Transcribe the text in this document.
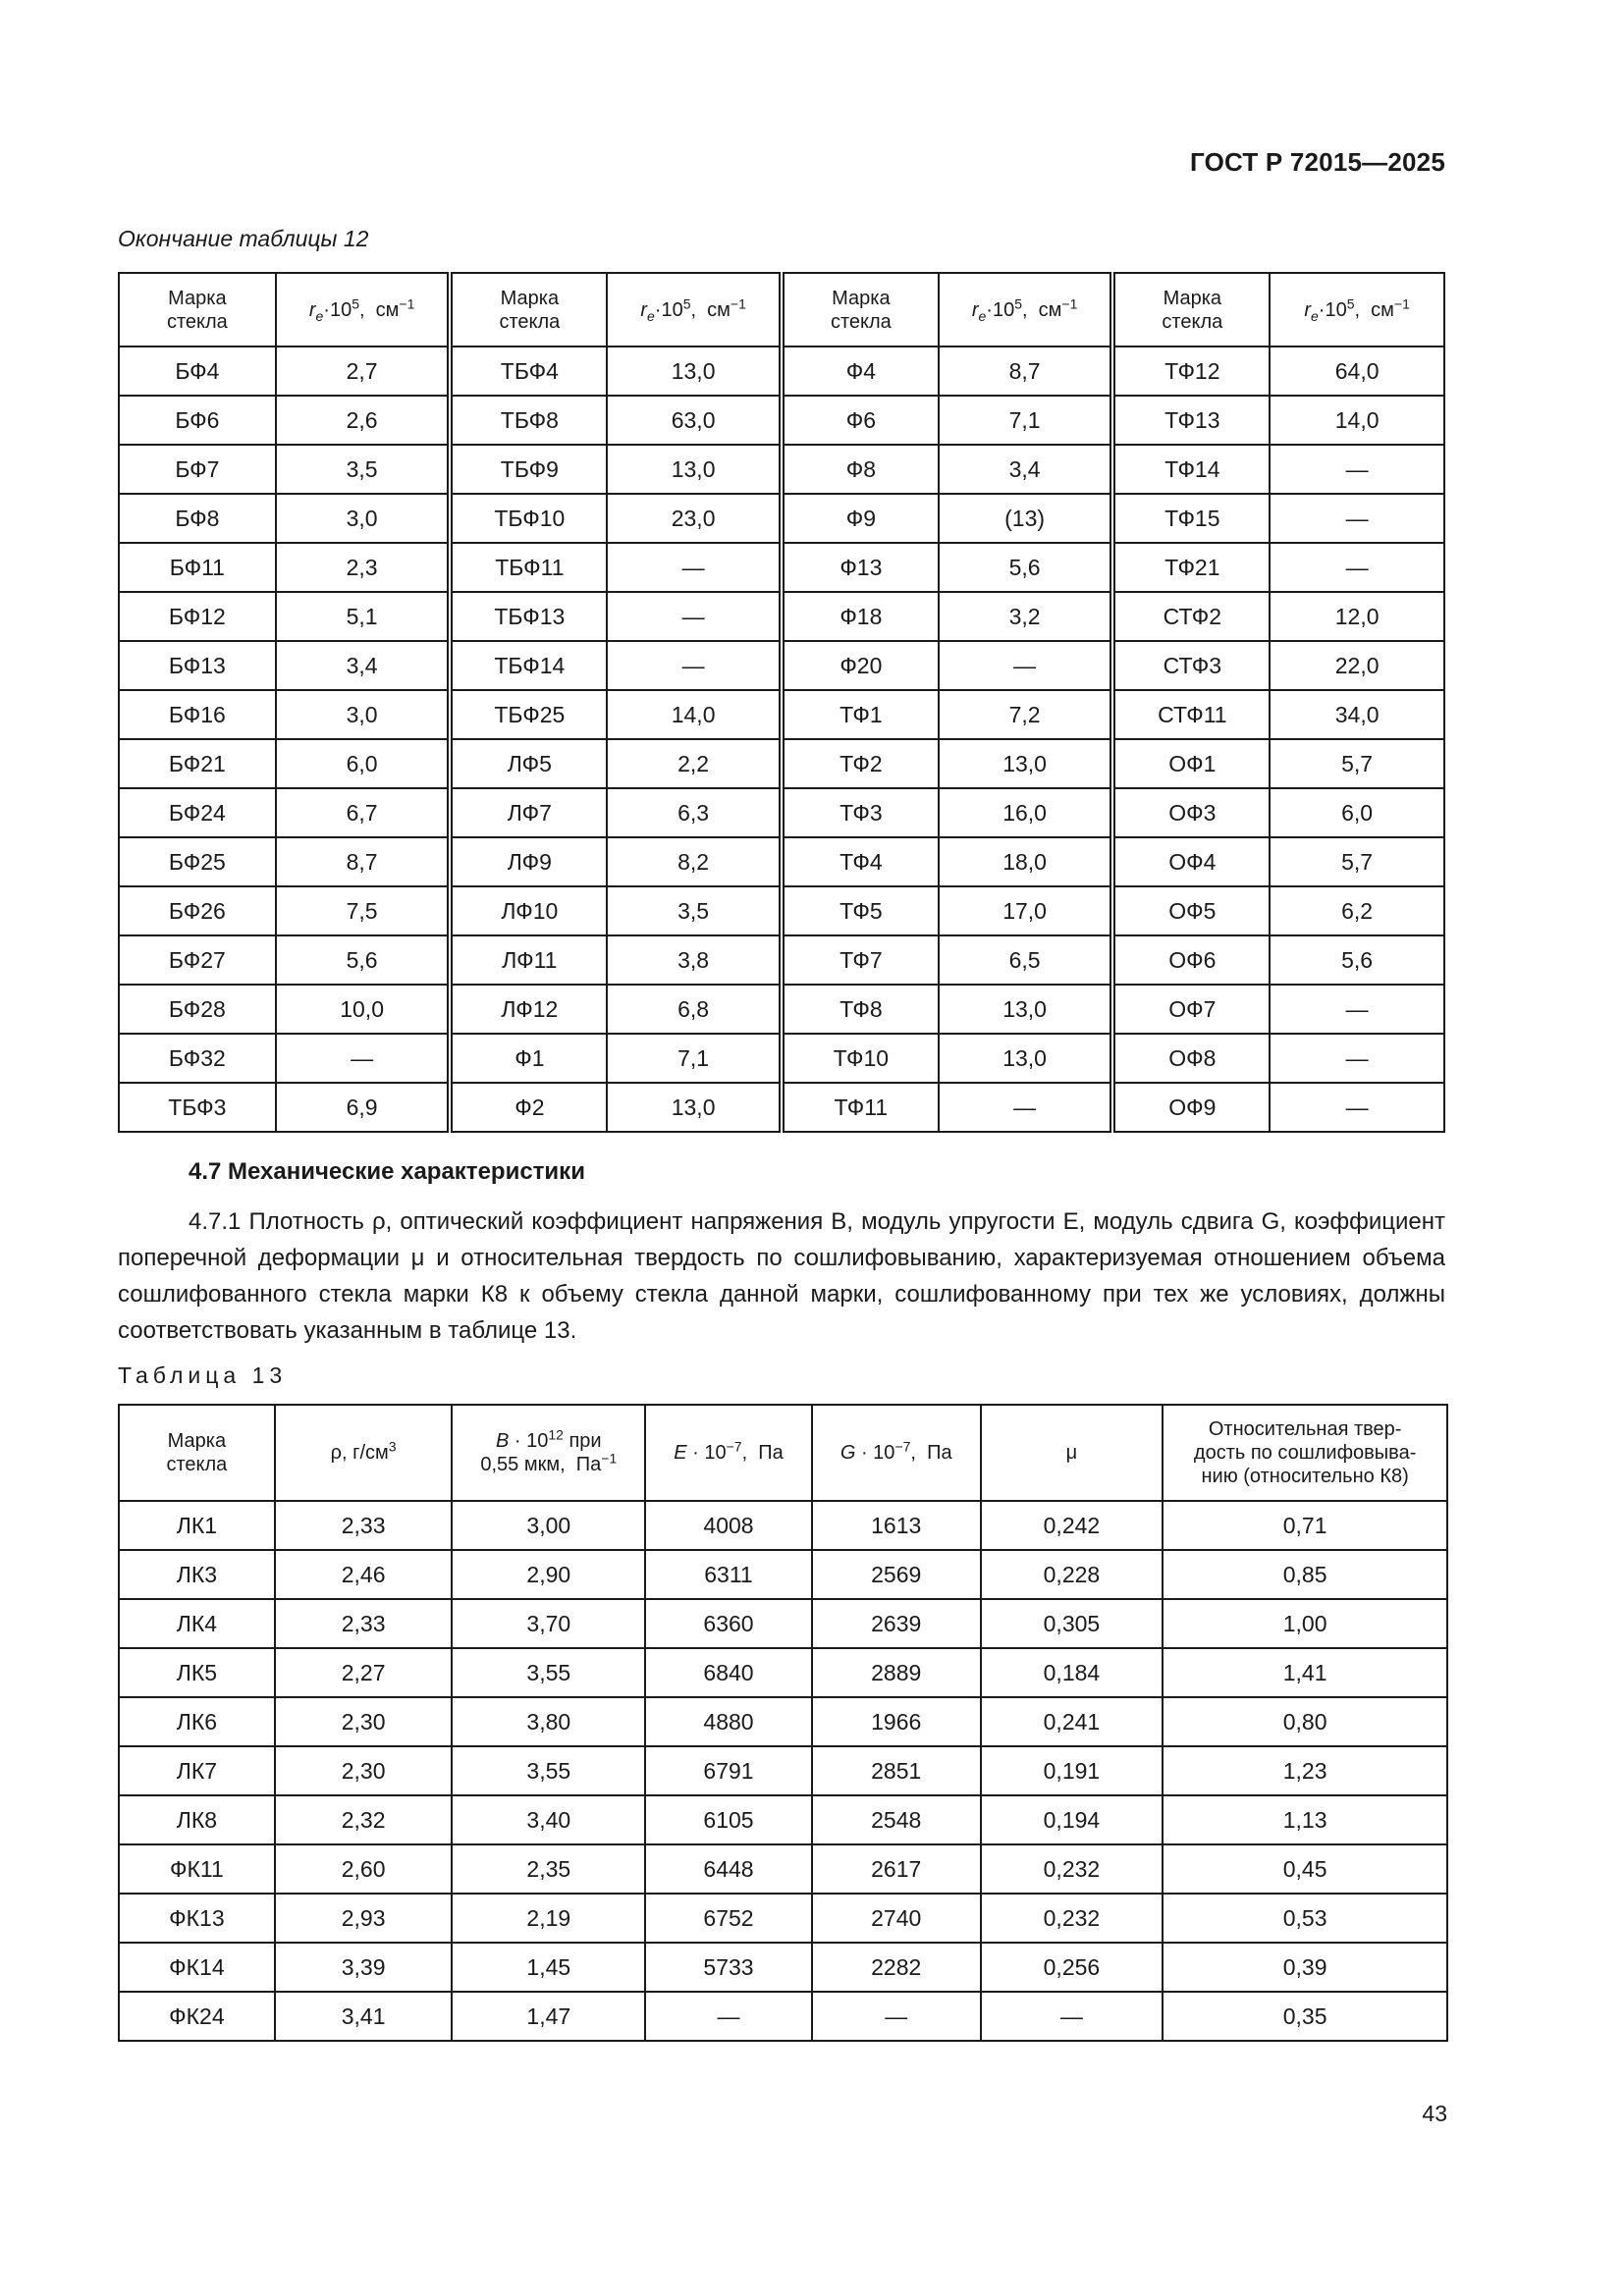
ГОСТ Р 72015—2025
Окончание таблицы 12
Марка
стекла	$r_e\cdot 10^5$,  $см^{-1}$	Марка
стекла	$r_e\cdot 10^5$,  $см^{-1}$	Марка
стекла	$r_e\cdot 10^5$,  $см^{-1}$	Марка
стекла	$r_e\cdot 10^5$,  $см^{-1}$
БФ4	2,7	ТБФ4	13,0	Ф4	8,7	ТФ12	64,0
БФ6	2,6	ТБФ8	63,0	Ф6	7,1	ТФ13	14,0
БФ7	3,5	ТБФ9	13,0	Ф8	3,4	ТФ14	—
БФ8	3,0	ТБФ10	23,0	Ф9	(13)	ТФ15	—
БФ11	2,3	ТБФ11	—	Ф13	5,6	ТФ21	—
БФ12	5,1	ТБФ13	—	Ф18	3,2	СТФ2	12,0
БФ13	3,4	ТБФ14	—	Ф20	—	СТФ3	22,0
БФ16	3,0	ТБФ25	14,0	ТФ1	7,2	СТФ11	34,0
БФ21	6,0	ЛФ5	2,2	ТФ2	13,0	ОФ1	5,7
БФ24	6,7	ЛФ7	6,3	ТФ3	16,0	ОФ3	6,0
БФ25	8,7	ЛФ9	8,2	ТФ4	18,0	ОФ4	5,7
БФ26	7,5	ЛФ10	3,5	ТФ5	17,0	ОФ5	6,2
БФ27	5,6	ЛФ11	3,8	ТФ7	6,5	ОФ6	5,6
БФ28	10,0	ЛФ12	6,8	ТФ8	13,0	ОФ7	—
БФ32	—	Ф1	7,1	ТФ10	13,0	ОФ8	—
ТБФ3	6,9	Ф2	13,0	ТФ11	—	ОФ9	—
4.7 Механические характеристики
4.7.1 Плотность ρ, оптический коэффициент напряжения B, модуль упругости E, модуль сдвига G, коэффициент поперечной деформации μ и относительная твердость по сошлифовыванию, характеризуемая отношением объема сошлифованного стекла марки К8 к объему стекла данной марки, сошлифованному при тех же условиях, должны соответствовать указанным в таблице 13.
Таблица 13
Марка
стекла	ρ, $г/см^3$	$B \cdot 10^{12}$ при
0,55 мкм,  $Па^{-1}$	$E \cdot 10^{-7}$,  Па	$G \cdot 10^{-7}$,  Па	μ	Относительная твер-
дость по сошлифовыва-
нию (относительно К8)
ЛК1	2,33	3,00	4008	1613	0,242	0,71
ЛК3	2,46	2,90	6311	2569	0,228	0,85
ЛК4	2,33	3,70	6360	2639	0,305	1,00
ЛК5	2,27	3,55	6840	2889	0,184	1,41
ЛК6	2,30	3,80	4880	1966	0,241	0,80
ЛК7	2,30	3,55	6791	2851	0,191	1,23
ЛК8	2,32	3,40	6105	2548	0,194	1,13
ФК11	2,60	2,35	6448	2617	0,232	0,45
ФК13	2,93	2,19	6752	2740	0,232	0,53
ФК14	3,39	1,45	5733	2282	0,256	0,39
ФК24	3,41	1,47	—	—	—	0,35
43
